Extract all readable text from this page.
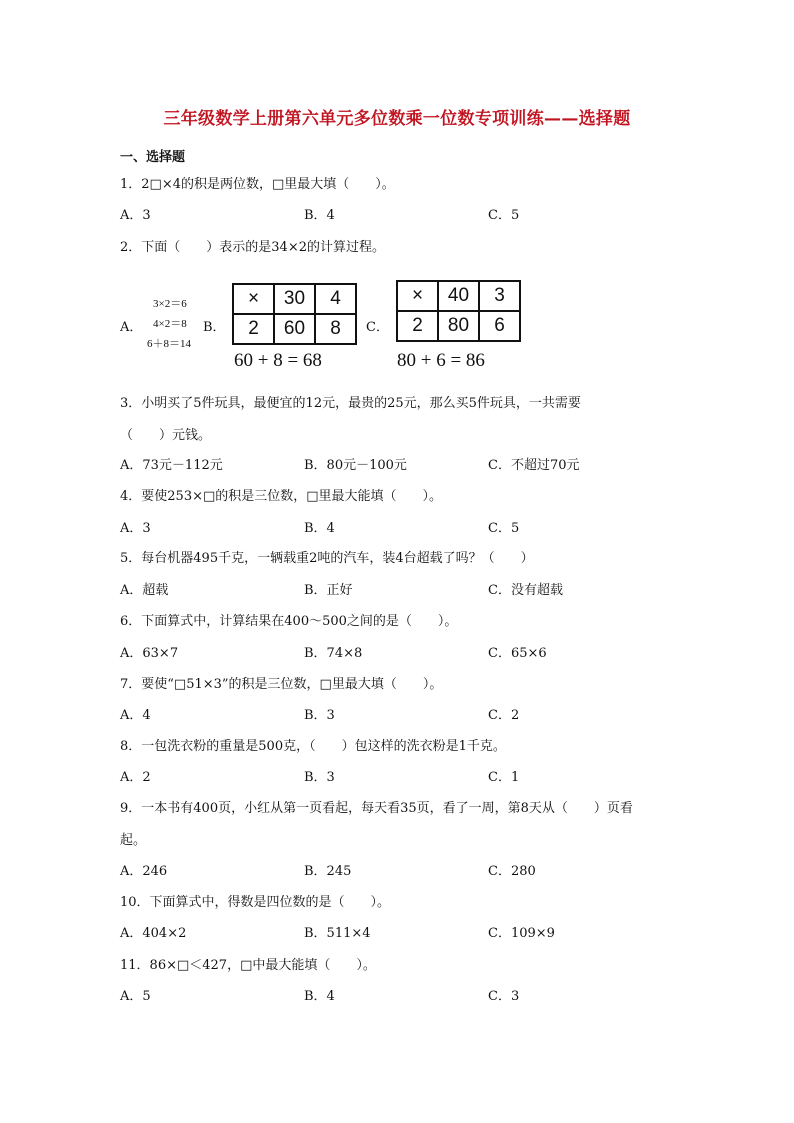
三年级数学上册第六单元多位数乘一位数专项训练——选择题
一、选择题
1．2□×4的积是两位数，□里最大填（　　）。
A．3	B．4	C．5
2．下面（　　）表示的是34×2的计算过程。
A．
3×2＝6
4×2＝8
6＋8＝14
B．
×	30	4
2	60	8
60 + 8 = 68
C．
×	40	3
2	80	6
80 + 6 = 86
3．小明买了5件玩具，最便宜的12元，最贵的25元，那么买5件玩具，一共需要
（　　）元钱。
A．73元－112元	B．80元－100元	C．不超过70元
4．要使253×□的积是三位数，□里最大能填（　　）。
A．3	B．4	C．5
5．每台机器495千克，一辆载重2吨的汽车，装4台超载了吗？（　　）
A．超载	B．正好	C．没有超载
6．下面算式中，计算结果在400～500之间的是（　　）。
A．63×7	B．74×8	C．65×6
7．要使“□51×3”的积是三位数，□里最大填（　　）。
A．4	B．3	C．2
8．一包洗衣粉的重量是500克，（　　）包这样的洗衣粉是1千克。
A．2	B．3	C．1
9．一本书有400页，小红从第一页看起，每天看35页，看了一周，第8天从（　　）页看
起。
A．246	B．245	C．280
10．下面算式中，得数是四位数的是（　　）。
A．404×2	B．511×4	C．109×9
11．86×□＜427，□中最大能填（　　）。
A．5	B．4	C．3
